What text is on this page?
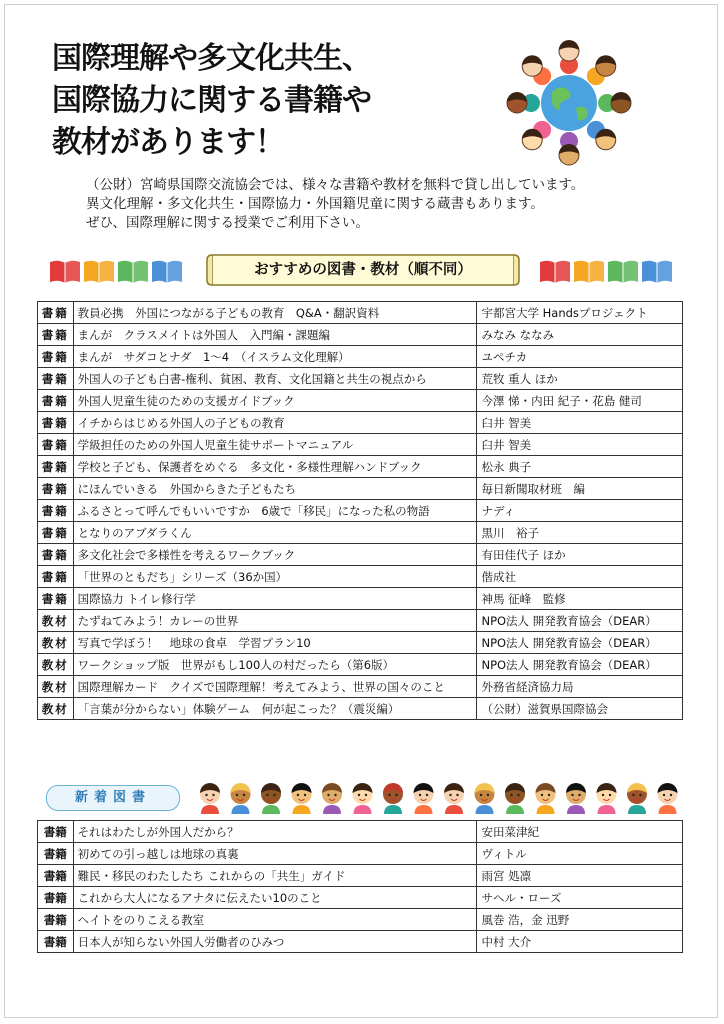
国際理解や多文化共生、
国際協力に関する書籍や
教材があります！
（公財）宮崎県国際交流協会では、様々な書籍や教材を無料で貸し出しています。
異文化理解・多文化共生・国際協力・外国籍児童に関する蔵書もあります。
ぜひ、国際理解に関する授業でご利用下さい。
おすすめの図書・教材（順不同）
書籍	教員必携　外国につながる子どもの教育　Q&A・翻訳資料	宇都宮大学 Handsプロジェクト
書籍	まんが　クラスメイトは外国人　入門編・課題編	みなみ ななみ
書籍	まんが　サダコとナダ　1～4　（イスラム文化理解）	ユペチカ
書籍	外国人の子ども白書‐権利、貧困、教育、文化国籍と共生の視点から	荒牧 重人 ほか
書籍	外国人児童生徒のための支援ガイドブック	今澤 悌・内田 紀子・花島 健司
書籍	イチからはじめる外国人の子どもの教育	臼井 智美
書籍	学級担任のための外国人児童生徒サポートマニュアル	臼井 智美
書籍	学校と子ども、保護者をめぐる　多文化・多様性理解ハンドブック	松永 典子
書籍	にほんでいきる　外国からきた子どもたち	毎日新聞取材班　編
書籍	ふるさとって呼んでもいいですか　6歳で「移民」になった私の物語	ナディ
書籍	となりのアブダラくん	黒川　裕子
書籍	多文化社会で多様性を考えるワークブック	有田佳代子 ほか
書籍	「世界のともだち」シリーズ（36か国）	偕成社
書籍	国際協力 トイレ修行学	神馬 征峰　監修
教材	たずねてみよう！カレーの世界	NPO法人 開発教育協会（DEAR）
教材	写真で学ぼう！　地球の食卓　学習プラン10	NPO法人 開発教育協会（DEAR）
教材	ワークショップ版　世界がもし100人の村だったら（第6版）	NPO法人 開発教育協会（DEAR）
教材	国際理解カード　クイズで国際理解！考えてみよう、世界の国々のこと	外務省経済協力局
教材	「言葉が分からない」体験ゲーム　何が起こった？（震災編）	（公財）滋賀県国際協会
新着図書
書籍	それはわたしが外国人だから？	安田菜津紀
書籍	初めての引っ越しは地球の真裏	ヴィトル
書籍	難民・移民のわたしたち これからの「共生」ガイド	雨宮 処凛
書籍	これから大人になるアナタに伝えたい10のこと	サヘル・ローズ
書籍	ヘイトをのりこえる教室	風巻 浩，金 迅野
書籍	日本人が知らない外国人労働者のひみつ	中村 大介
